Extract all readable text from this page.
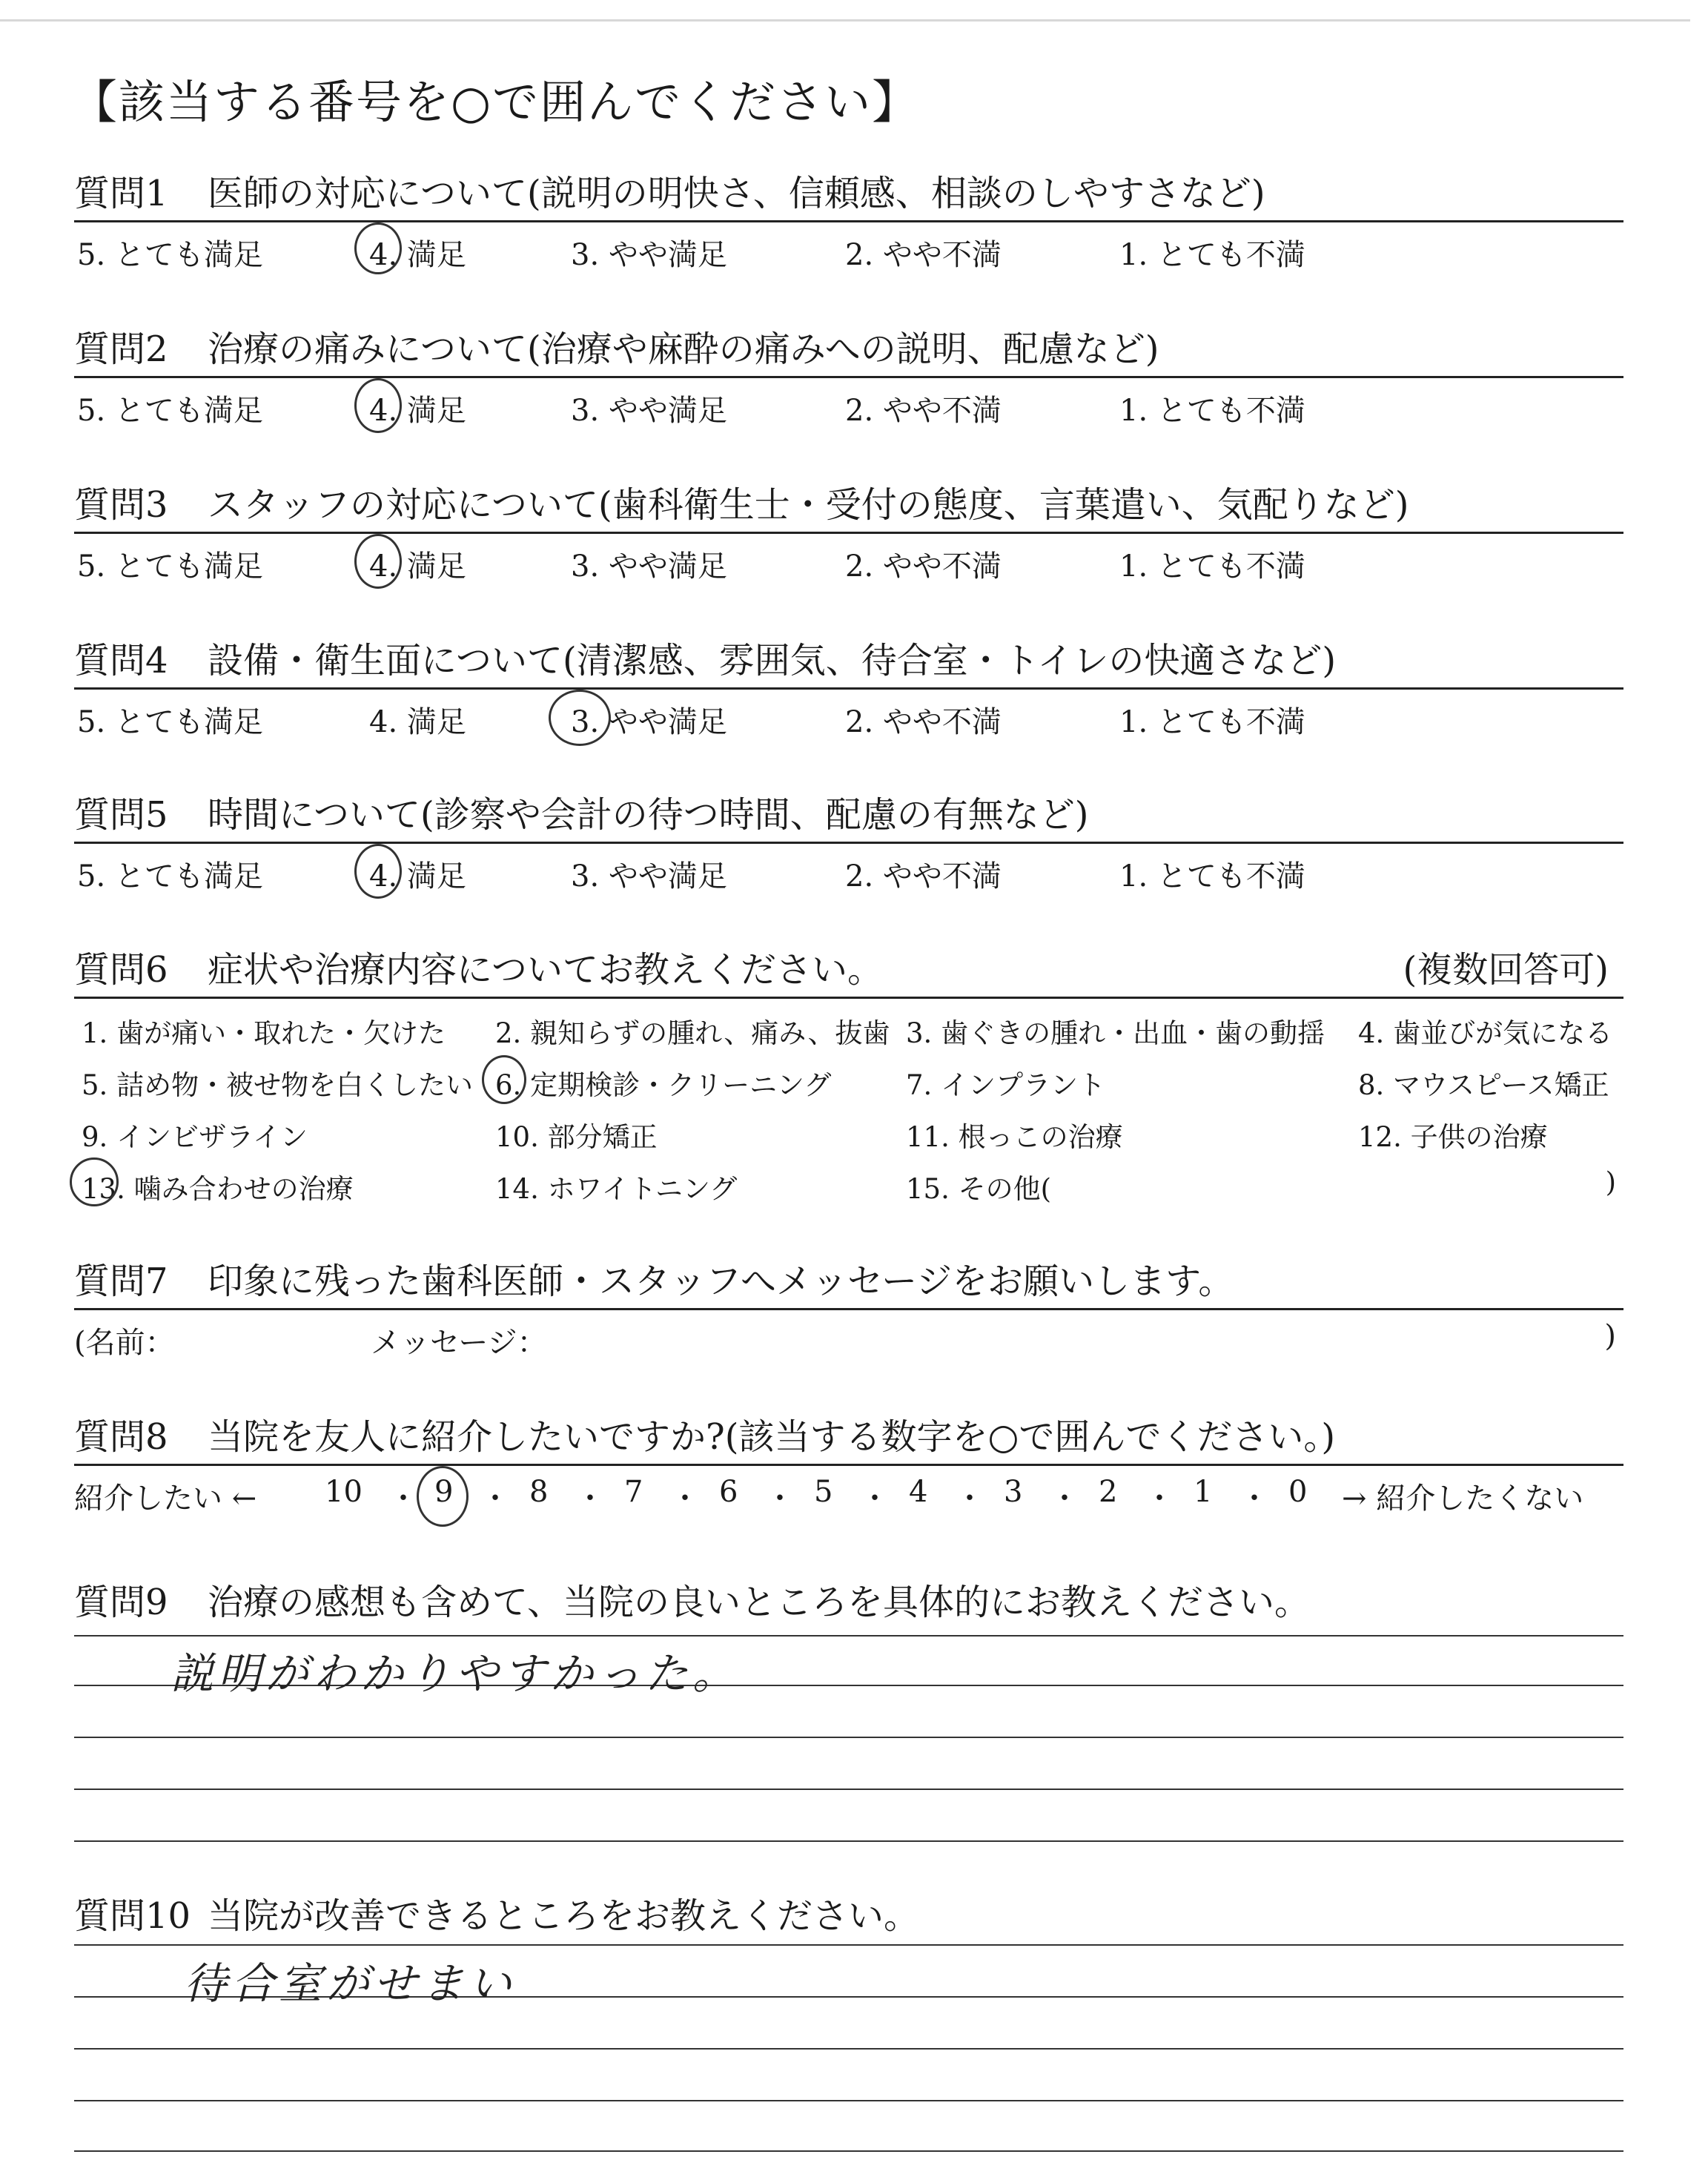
【該当する番号を○で囲んでください】
質問1 医師の対応について(説明の明快さ、信頼感、相談のしやすさなど)
5. とても満足	4. 満足	3. やや満足	2. やや不満	1. とても不満
質問2 治療の痛みについて(治療や麻酔の痛みへの説明、配慮など)
5. とても満足	4. 満足	3. やや満足	2. やや不満	1. とても不満
質問3 スタッフの対応について(歯科衛生士・受付の態度、言葉遣い、気配りなど)
5. とても満足	4. 満足	3. やや満足	2. やや不満	1. とても不満
質問4 設備・衛生面について(清潔感、雰囲気、待合室・トイレの快適さなど)
5. とても満足	4. 満足	3. やや満足	2. やや不満	1. とても不満
質問5 時間について(診察や会計の待つ時間、配慮の有無など)
5. とても満足	4. 満足	3. やや満足	2. やや不満	1. とても不満
質問6 症状や治療内容についてお教えください。	(複数回答可)
1. 歯が痛い・取れた・欠けた 2. 親知らずの腫れ、痛み、抜歯 3. 歯ぐきの腫れ・出血・歯の動揺 4. 歯並びが気になる
5. 詰め物・被せ物を白くしたい 6. 定期検診・クリーニング	7. インプラント	8. マウスピース矯正
9. インビザライン	10. 部分矯正	11. 根っこの治療	12. 子供の治療
13. 噛み合わせの治療	14. ホワイトニング	15. その他(	)
質問7 印象に残った歯科医師・スタッフへメッセージをお願いします。
(名前：	メッセージ：	)
質問8 当院を友人に紹介したいですか?(該当する数字を○で囲んでください。)
紹介したい ← 10 ・ 9 ・ 8 ・ 7 ・ 6 ・ 5 ・ 4 ・ 3 ・ 2 ・ 1 ・ 0 → 紹介したくない
質問9 治療の感想も含めて、当院の良いところを具体的にお教えください。
説明がわかりやすかった。
質問10 当院が改善できるところをお教えください。
待合室がせまい
